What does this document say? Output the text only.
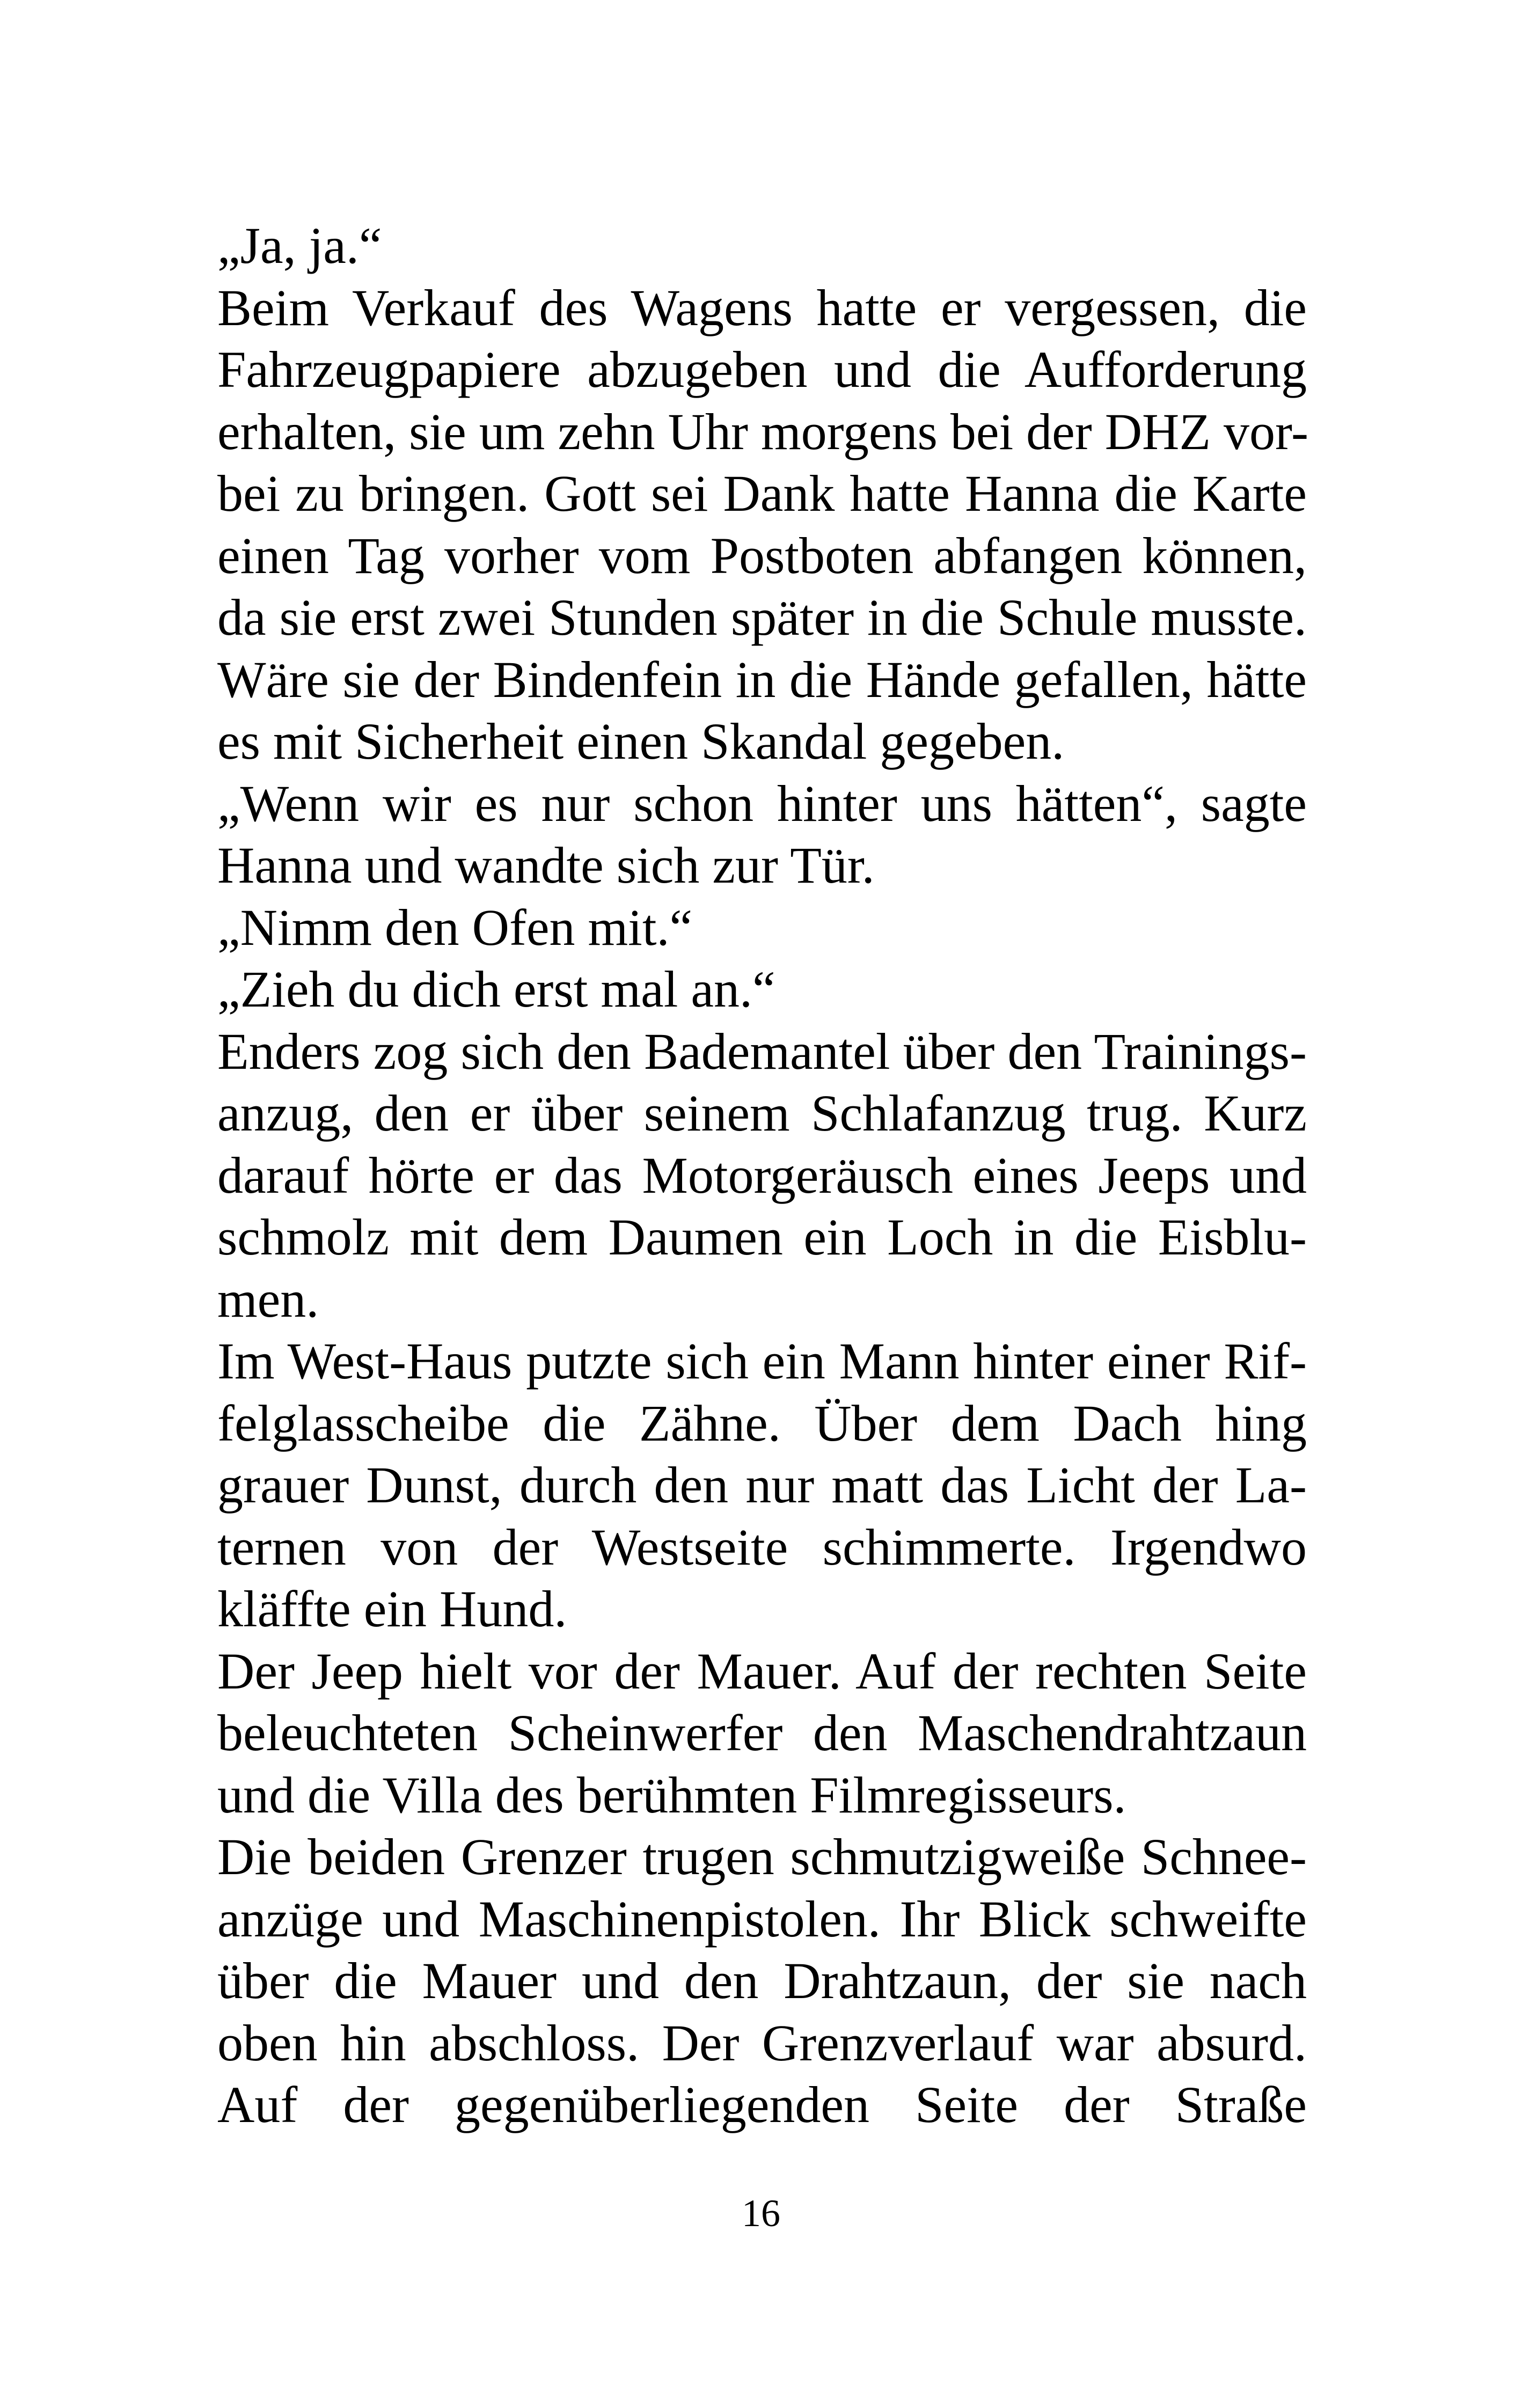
„Ja, ja.“
Beim Verkauf des Wagens hatte er vergessen, die
Fahrzeugpapiere abzugeben und die Aufforderung
erhalten, sie um zehn Uhr morgens bei der DHZ vor-
bei zu bringen. Gott sei Dank hatte Hanna die Karte
einen Tag vorher vom Postboten abfangen können,
da sie erst zwei Stunden später in die Schule musste.
Wäre sie der Bindenfein in die Hände gefallen, hätte
es mit Sicherheit einen Skandal gegeben.
„Wenn wir es nur schon hinter uns hätten“, sagte
Hanna und wandte sich zur Tür.
„Nimm den Ofen mit.“
„Zieh du dich erst mal an.“
Enders zog sich den Bademantel über den Trainings-
anzug, den er über seinem Schlafanzug trug. Kurz
darauf hörte er das Motorgeräusch eines Jeeps und
schmolz mit dem Daumen ein Loch in die Eisblu-
men.
Im West-Haus putzte sich ein Mann hinter einer Rif-
felglasscheibe die Zähne. Über dem Dach hing
grauer Dunst, durch den nur matt das Licht der La-
ternen von der Westseite schimmerte. Irgendwo
kläffte ein Hund.
Der Jeep hielt vor der Mauer. Auf der rechten Seite
beleuchteten Scheinwerfer den Maschendrahtzaun
und die Villa des berühmten Filmregisseurs.
Die beiden Grenzer trugen schmutzigweiße Schnee-
anzüge und Maschinenpistolen. Ihr Blick schweifte
über die Mauer und den Drahtzaun, der sie nach
oben hin abschloss. Der Grenzverlauf war absurd.
Auf der gegenüberliegenden Seite der Straße
16
